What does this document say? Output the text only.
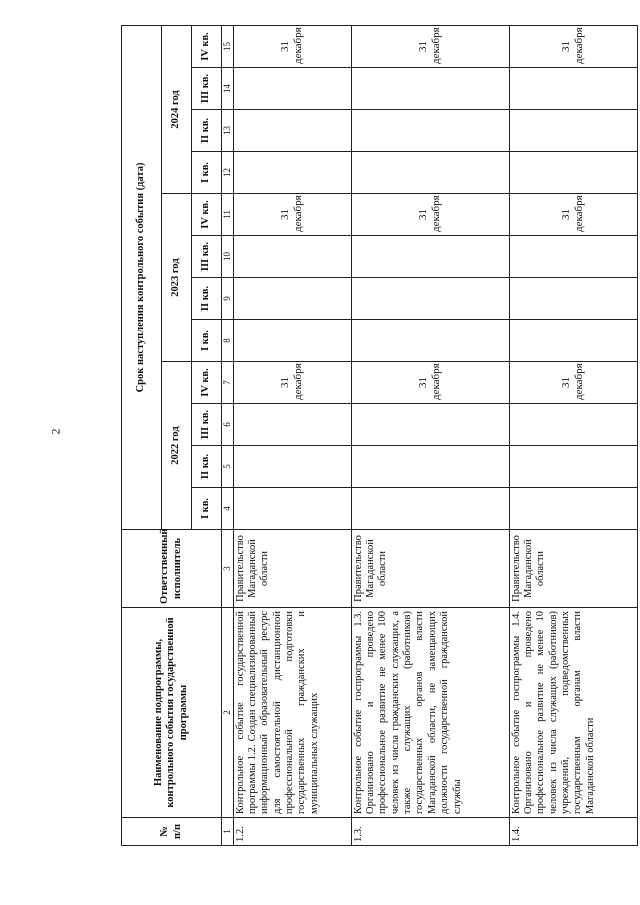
2
№ п/п	Наименование подпрограммы, контрольного события государственной программы	Ответственный исполнитель	Срок наступления контрольного события (дата)											
			2022 год				2023 год				2024 год			
			I кв.	II кв.	III кв.	IV кв.	I кв.	II кв.	III кв.	IV кв.	I кв.	II кв.	III кв.	IV кв.
1	2	3	4	5	6	7	8	9	10	11	12	13	14	15
1.2.	Контрольное событие государственной программы 1.2. Создан специализированный информационный образовательный ресурс для самостоятельной дистанционной профессиональной подготовки государственных гражданских и муниципальных служащих	Правительство Магаданской области				31 декабря				31 декабря				31 декабря
1.3.	Контрольное событие госпрограммы 1.3. Организовано и проведено профессиональное развитие не менее 100 человек из числа гражданских служащих, а также служащих (работников) государственных органов власти Магаданской области, не замещающих должности государственной гражданской службы	Правительство Магаданской области				31 декабря				31 декабря				31 декабря
1.4.	Контрольное событие госпрограммы 1.4. Организовано и проведено профессиональное развитие не менее 10 человек из числа служащих (работников) учреждений, подведомственных государственным органам власти Магаданской области	Правительство Магаданской области				31 декабря				31 декабря				31 декабря
